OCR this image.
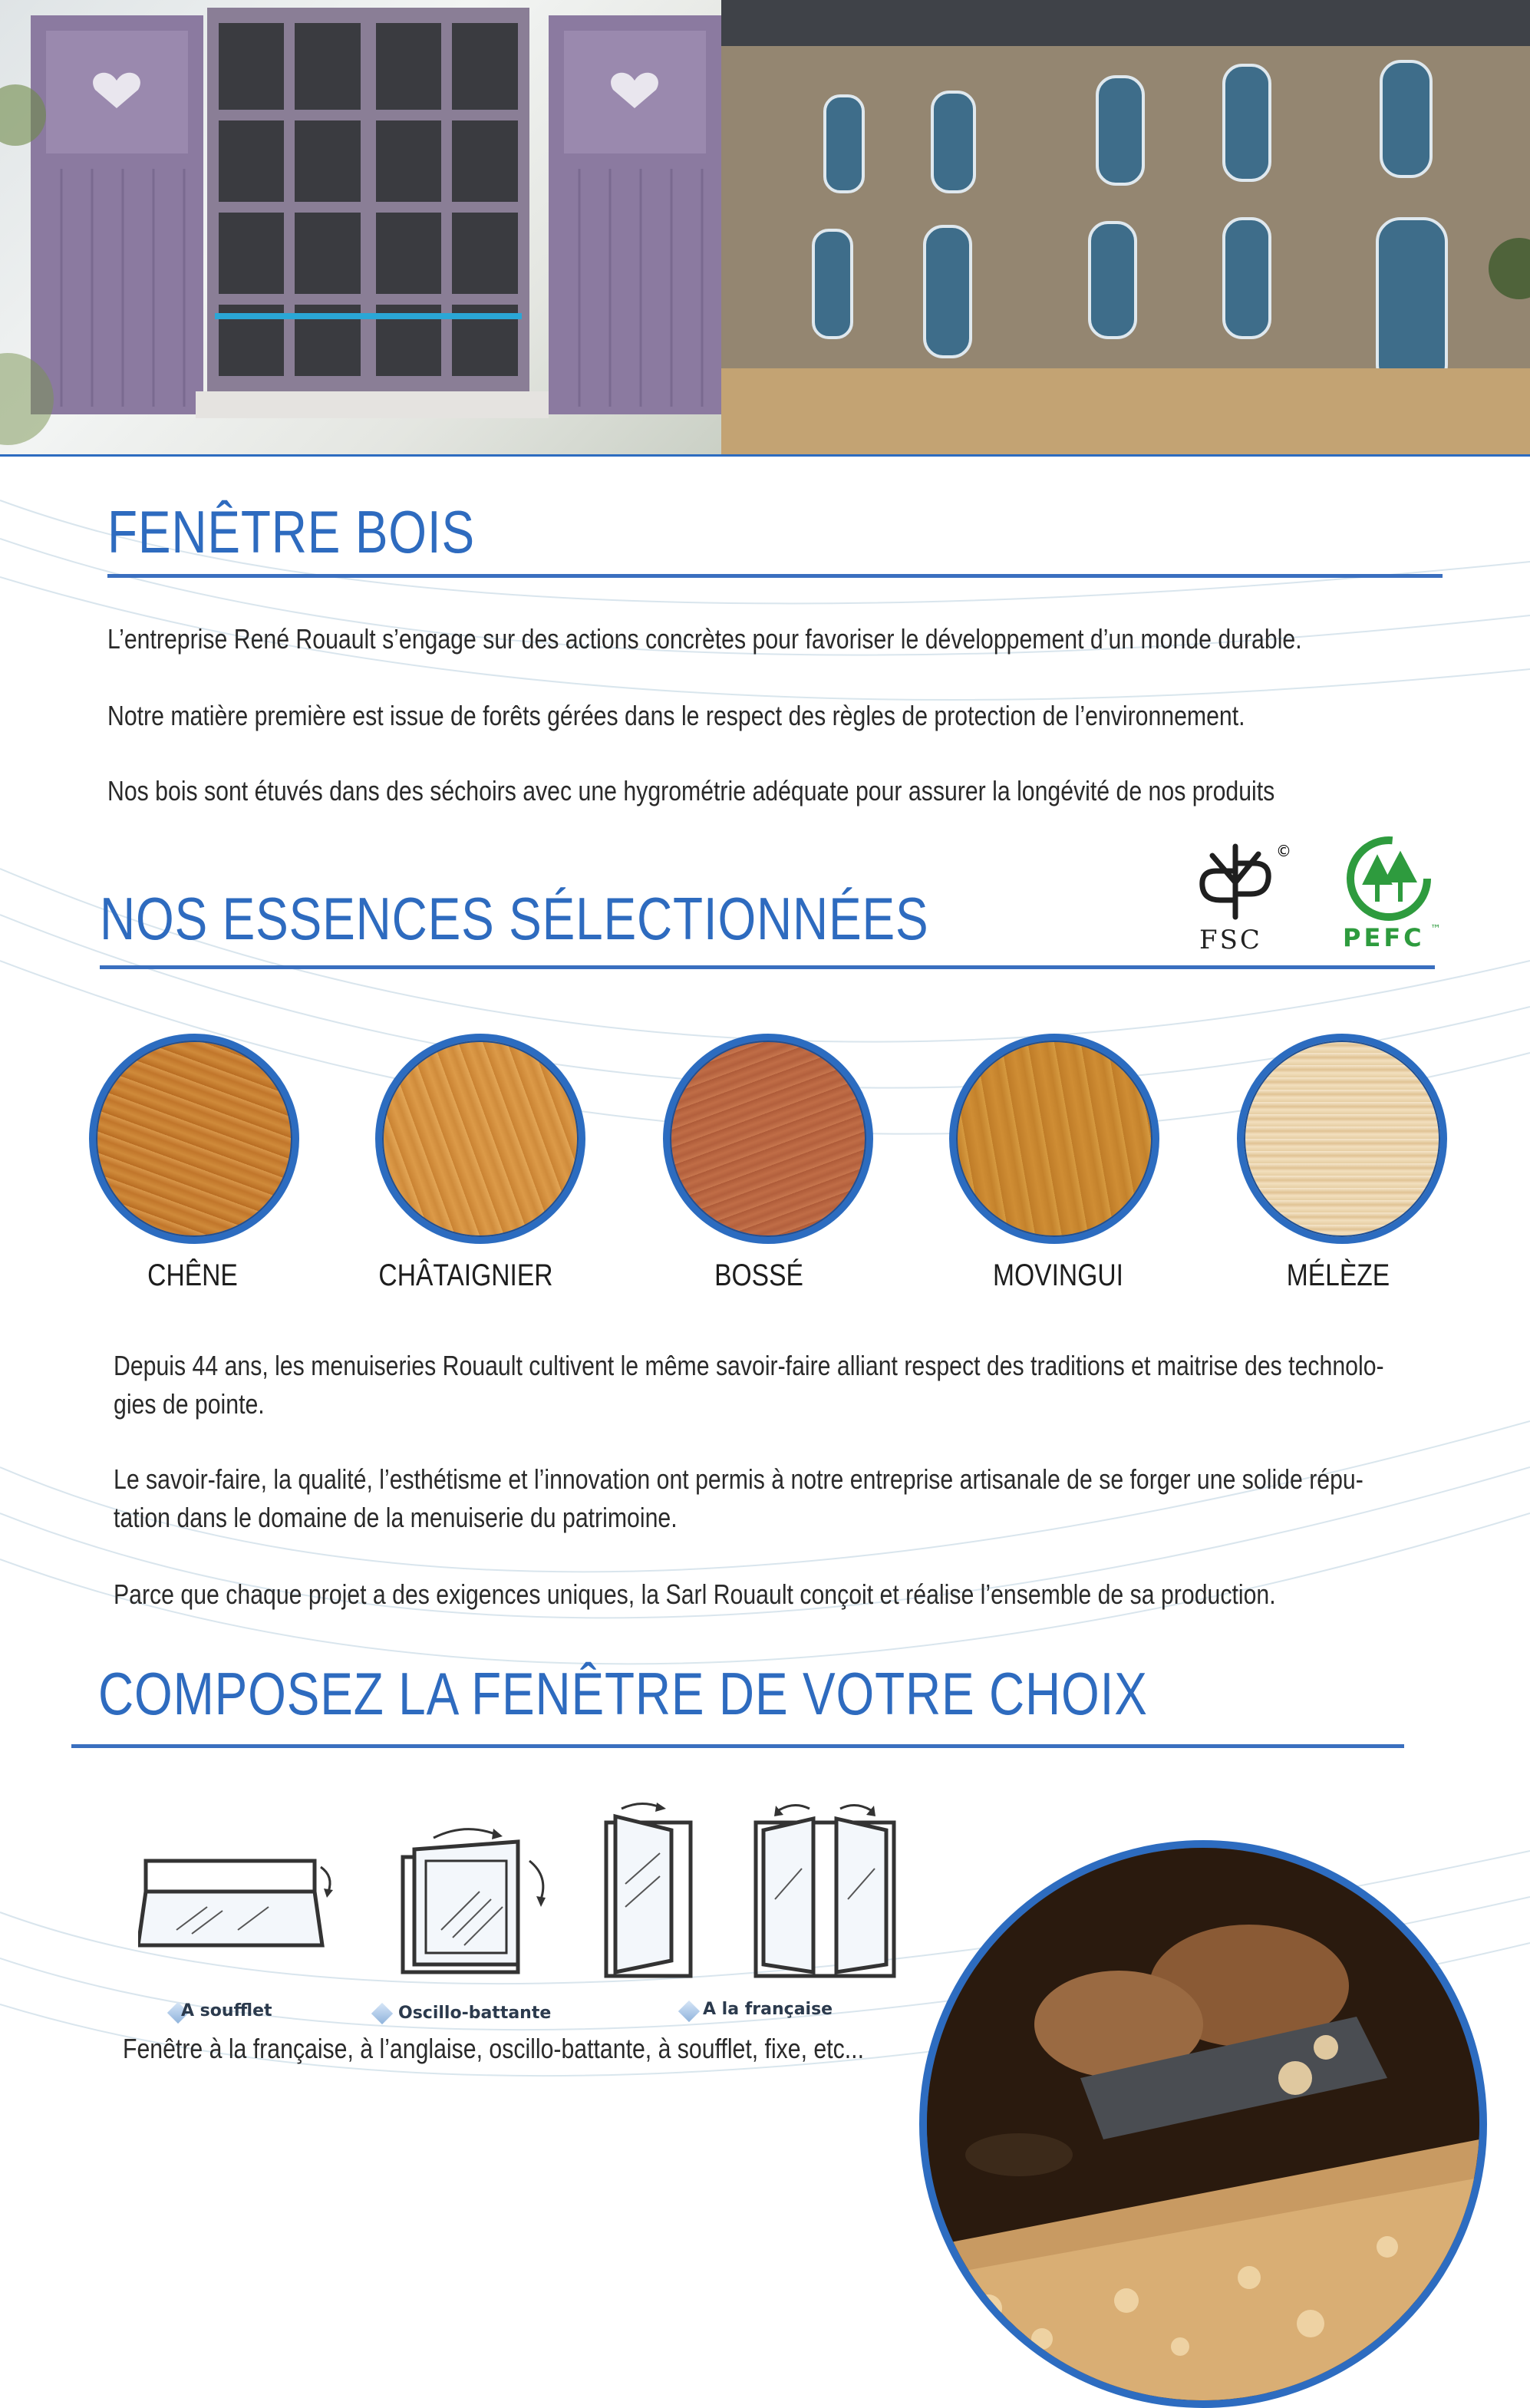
FENÊTRE BOIS

L’entreprise René Rouault s’engage sur des actions concrètes pour favoriser le développement d’un monde durable.

Notre matière première est issue de forêts gérées dans le respect des règles de protection de l’environnement.

Nos bois sont étuvés dans des séchoirs avec une hygrométrie adéquate pour assurer la longévité de nos produits

NOS ESSENCES SÉLECTIONNÉES	FSC
©
PEFC ™
CHÊNE	CHÂTAIGNIER	BOSSÉ	MOVINGUI	MÉLÈZE

Depuis 44 ans, les menuiseries Rouault cultivent le même savoir-faire alliant respect des traditions et maitrise des technolo-

gies de pointe.

Le savoir-faire, la qualité, l’esthétisme et l’innovation ont permis à notre entreprise artisanale de se forger une solide répu-

tation dans le domaine de la menuiserie du patrimoine.

Parce que chaque projet a des exigences uniques, la Sarl Rouault conçoit et réalise l’ensemble de sa production.

COMPOSEZ LA FENÊTRE DE VOTRE CHOIX
A soufflet	Oscillo-battante	A la française

Fenêtre à la française, à l’anglaise, oscillo-battante, à soufflet, fixe, etc...
